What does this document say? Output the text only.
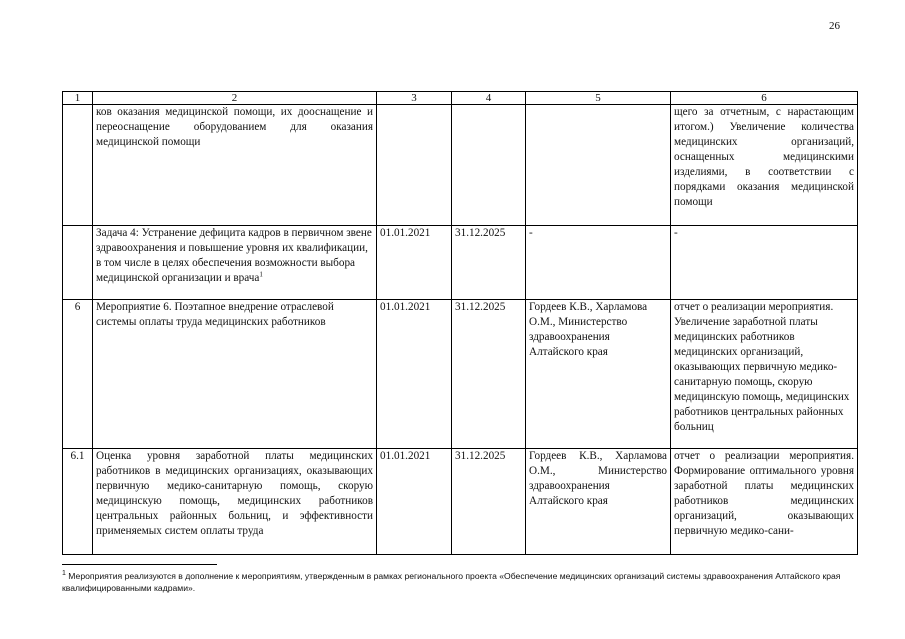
26
1	2	3	4	5	6
	ков оказания медицинской помощи, их дооснащение и переоснащение оборудованием для оказания медицинской помощи				щего за отчетным, с нарастающим итогом.) Увеличение количества медицинских организаций, оснащенных медицинскими изделиями, в соответствии с порядками оказания медицинской помощи
	Задача 4: Устранение дефицита кадров в первичном звене здравоохранения и повышение уровня их квалификации, в том числе в целях обеспечения возможности выбора медицинской организации и врача$^1$	01.01.2021	31.12.2025	-	-
6	Мероприятие 6. Поэтапное внедрение отраслевой системы оплаты труда медицинских работников	01.01.2021	31.12.2025	Гордеев К.В., Харламова О.М., Министерство здравоохранения Алтайского края	отчет о реализации мероприятия. Увеличение заработной платы медицинских работников медицинских организаций, оказывающих первичную медико-санитарную помощь, скорую медицинскую помощь, медицинских работников центральных районных больниц
6.1	Оценка уровня заработной платы медицинских работников в медицинских организациях, оказывающих первичную медико-санитарную помощь, скорую медицинскую помощь, медицинских работников центральных районных больниц, и эффективности применяемых систем оплаты труда	01.01.2021	31.12.2025	Гордеев К.В., Харламова О.М., Министерство здравоохранения Алтайского края	отчет о реализации мероприятия. Формирование оптимального уровня заработной платы медицинских работников медицинских организаций, оказывающих первичную медико-сани-
$^1$ Мероприятия реализуются в дополнение к мероприятиям, утвержденным в рамках регионального проекта «Обеспечение медицинских организаций системы здравоохранения Алтайского края квалифицированными кадрами».
